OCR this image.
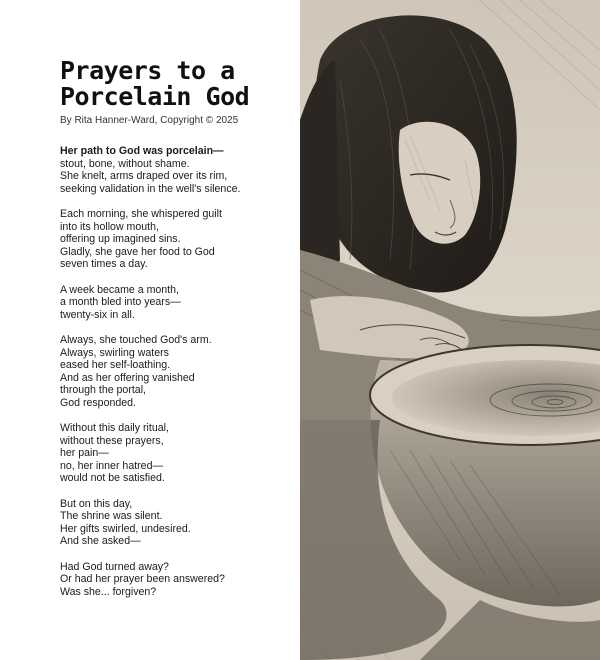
Prayers to a
Porcelain God
By Rita Hanner-Ward, Copyright © 2025
Her path to God was porcelain—
stout, bone, without shame.
She knelt, arms draped over its rim,
seeking validation in the well's silence.
Each morning, she whispered guilt
into its hollow mouth,
offering up imagined sins.
Gladly, she gave her food to God
seven times a day.
A week became a month,
a month bled into years—
twenty-six in all.
Always, she touched God's arm.
Always, swirling waters
eased her self-loathing.
And as her offering vanished
through the portal,
God responded.
Without this daily ritual,
without these prayers,
her pain—
no, her inner hatred—
would not be satisfied.
But on this day,
The shrine was silent.
Her gifts swirled, undesired.
And she asked—
Had God turned away?
Or had her prayer been answered?
Was she... forgiven?
